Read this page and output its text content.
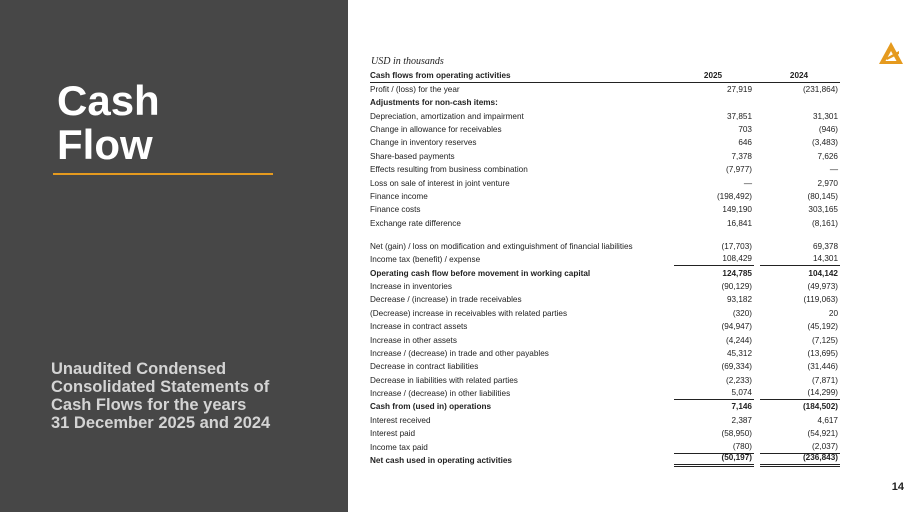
Cash
Flow
Unaudited Condensed
Consolidated Statements of
Cash Flows for the years
31 December 2025 and 2024
USD in thousands
Cash flows from operating activities	2025	2024
Profit / (loss) for the year	27,919	(231,864)
Adjustments for non-cash items:
Depreciation, amortization and impairment	37,851	31,301
Change in allowance for receivables	703	(946)
Change in inventory reserves	646	(3,483)
Share-based payments	7,378	7,626
Effects resulting from business combination	(7,977)	—
Loss on sale of interest in joint venture	—	2,970
Finance income	(198,492)	(80,145)
Finance costs	149,190	303,165
Exchange rate difference	16,841	(8,161)
Net (gain) / loss on modification and extinguishment of financial liabilities	(17,703)	69,378
Income tax (benefit) / expense	108,429	14,301
Operating cash flow before movement in working capital	124,785	104,142
Increase in inventories	(90,129)	(49,973)
Decrease / (increase) in trade receivables	93,182	(119,063)
(Decrease) increase in receivables with related parties	(320)	20
Increase in contract assets	(94,947)	(45,192)
Increase in other assets	(4,244)	(7,125)
Increase / (decrease) in trade and other payables	45,312	(13,695)
Decrease in contract liabilities	(69,334)	(31,446)
Decrease in liabilities with related parties	(2,233)	(7,871)
Increase / (decrease) in other liabilities	5,074	(14,299)
Cash from (used in) operations	7,146	(184,502)
Interest received	2,387	4,617
Interest paid	(58,950)	(54,921)
Income tax paid	(780)	(2,037)
Net cash used in operating activities	(50,197)	(236,843)
14
